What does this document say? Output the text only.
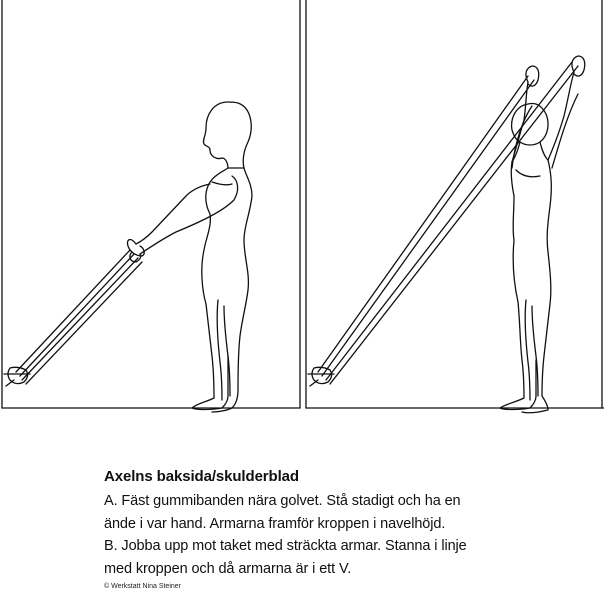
Axelns baksida/skulderblad

A. Fäst gummibanden nära golvet. Stå stadigt och ha en

ände i var hand. Armarna framför kroppen i navelhöjd.

B. Jobba upp mot taket med sträckta armar. Stanna i linje

med kroppen och då armarna är i ett V.

© Werkstatt Nina Steiner
